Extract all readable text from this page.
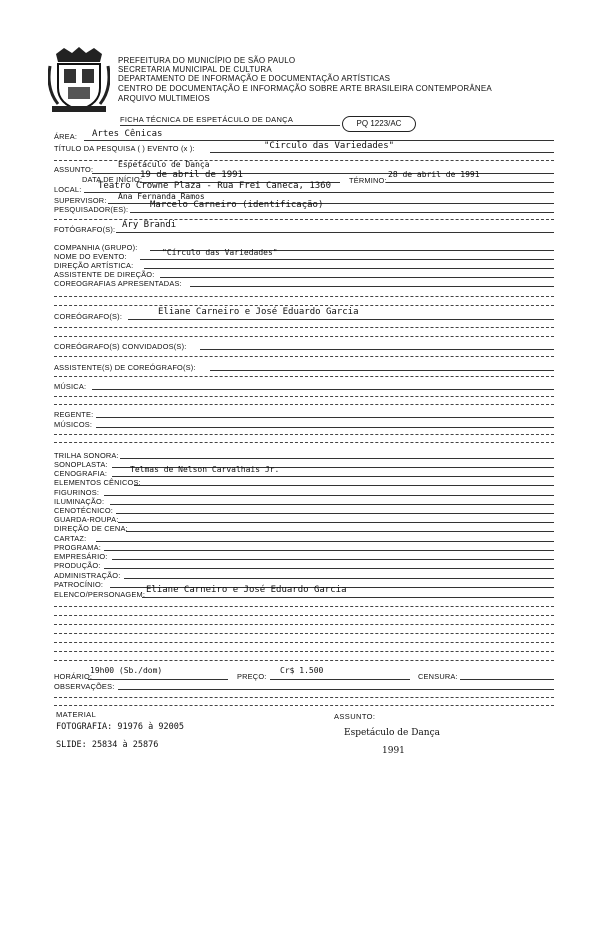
PREFEITURA DO MUNICÍPIO DE SÃO PAULO
SECRETARIA MUNICIPAL DE CULTURA
DEPARTAMENTO DE INFORMAÇÃO E DOCUMENTAÇÃO ARTÍSTICAS
CENTRO DE DOCUMENTAÇÃO E INFORMAÇÃO SOBRE ARTE BRASILEIRA CONTEMPORÂNEA
ARQUIVO MULTIMEIOS
FICHA TÉCNICA DE ESPETÁCULO DE DANÇA	PQ 1223/AC
ÁREA: Artes Cênicas
TÍTULO DA PESQUISA ( ) EVENTO (x ):	"Circulo das Variedades"
ASSUNTO:
Espetáculo de Dança
DATA DE INÍCIO:
19 de abril de 1991
TÉRMINO:
28 de abril de 1991
LOCAL: Teatro Crowne Plaza - Rua Frei Caneca, 1360
SUPERVISOR: Ana Fernanda Ramos
PESQUISADOR(ES): Marcelo Carneiro (identificação)
FOTÓGRAFO(S): Ary Brandi
COMPANHIA (GRUPO):
NOME DO EVENTO:	"Círculo das Variedades"
DIREÇÃO ARTÍSTICA:
ASSISTENTE DE DIREÇÃO:
COREOGRAFIAS APRESENTADAS:
COREÓGRAFO(S):	Eliane Carneiro e José Eduardo Garcia
COREÓGRAFO(S) CONVIDADOS(S):
ASSISTENTE(S) DE COREÓGRAFO(S):
MÚSICA:
REGENTE:
MÚSICOS:
TRILHA SONORA:
SONOPLASTA:
CENOGRAFIA:	Telmas de Nelson Carvalhais Jr.
ELEMENTOS CÊNICOS:
FIGURINOS:
ILUMINAÇÃO:
CENOTÉCNICO:
GUARDA-ROUPA:
DIREÇÃO DE CENA:
CARTAZ:
PROGRAMA:
EMPRESÁRIO:
PRODUÇÃO:
ADMINISTRAÇÃO:
PATROCÍNIO:
ELENCO/PERSONAGEM: Eliane Carneiro e José Eduardo Garcia
HORÁRIO:
19h00 (Sb./dom)
PREÇO:
Cr$ 1.500
CENSURA:
OBSERVAÇÕES:
MATERIAL
FOTOGRAFIA: 91976 à 92005
SLIDE: 25834 à 25876
ASSUNTO:
Espetáculo de Dança
1991
